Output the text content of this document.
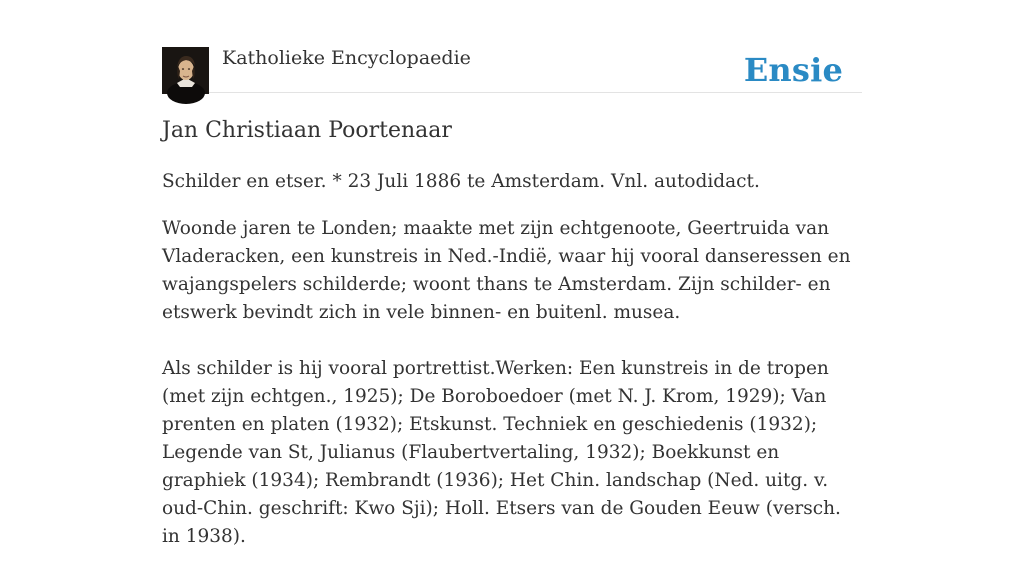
Katholieke Encyclopaedie	Ensie
Jan Christiaan Poortenaar

Schilder en etser. * 23 Juli 1886 te Amsterdam. Vnl. autodidact.

Woonde jaren te Londen; maakte met zijn echtgenoote, Geertruida van Vladeracken, een kunstreis in Ned.-Indië, waar hij vooral danseressen en wajangspelers schilderde; woont thans te Amsterdam. Zijn schilder- en etswerk bevindt zich in vele binnen- en buitenl. musea.

Als schilder is hij vooral portrettist.Werken: Een kunstreis in de tropen (met zijn echtgen., 1925); De Boroboedoer (met N. J. Krom, 1929); Van prenten en platen (1932); Etskunst. Techniek en geschiedenis (1932); Legende van St, Julianus (Flaubertvertaling, 1932); Boekkunst en graphiek (1934); Rembrandt (1936); Het Chin. landschap (Ned. uitg. v. oud-Chin. geschrift: Kwo Sji); Holl. Etsers van de Gouden Eeuw (versch. in 1938).
